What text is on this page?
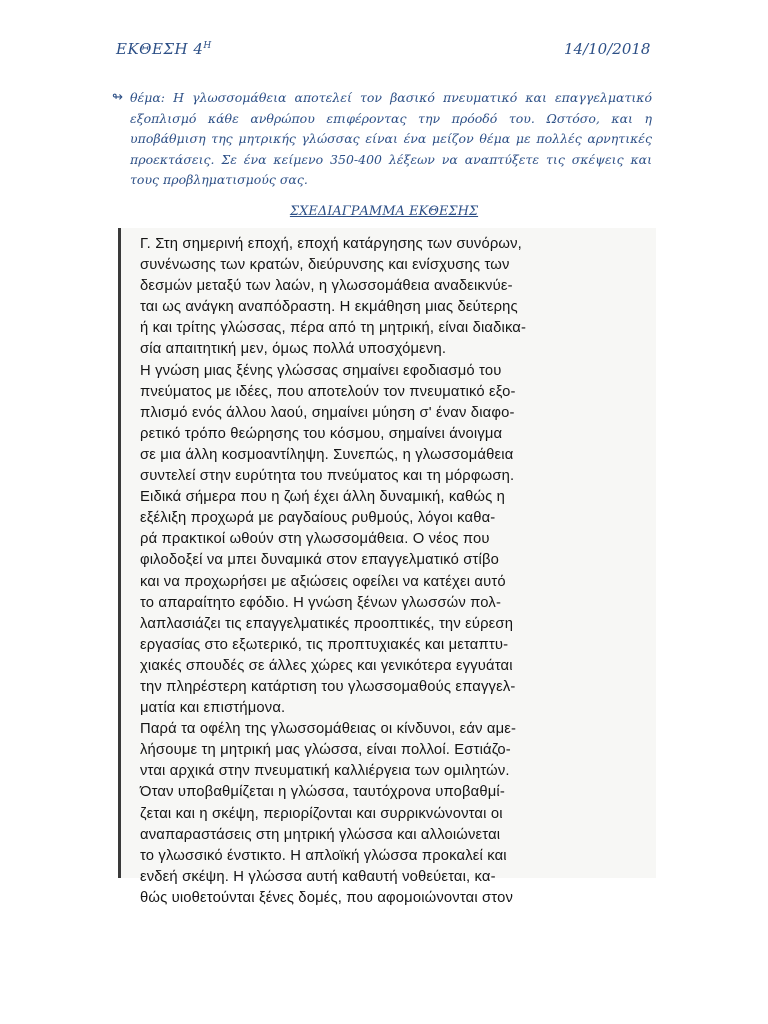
ΕΚΘΕΣΗ $4^H$	14/10/2018
↬ θέμα: Η γλωσσομάθεια αποτελεί τον βασικό πνευματικό και επαγγελματικό εξοπλισμό κάθε ανθρώπου επιφέροντας την πρόοδό του. Ωστόσο, και η υποβάθμιση της μητρικής γλώσσας είναι ένα μείζον θέμα με πολλές αρνητικές προεκτάσεις. Σε ένα κείμενο 350-400 λέξεων να αναπτύξετε τις σκέψεις και τους προβληματισμούς σας.
ΣΧΕΔΙΑΓΡΑΜΜΑ ΕΚΘΕΣΗΣ
Γ. Στη σημερινή εποχή, εποχή κατάργησης των συνόρων,
συνένωσης των κρατών, διεύρυνσης και ενίσχυσης των
δεσμών μεταξύ των λαών, η γλωσσομάθεια αναδεικνύε-
ται ως ανάγκη αναπόδραστη. Η εκμάθηση μιας δεύτερης
ή και τρίτης γλώσσας, πέρα από τη μητρική, είναι διαδικα-
σία απαιτητική μεν, όμως πολλά υποσχόμενη.
Η γνώση μιας ξένης γλώσσας σημαίνει εφοδιασμό του
πνεύματος με ιδέες, που αποτελούν τον πνευματικό εξο-
πλισμό ενός άλλου λαού, σημαίνει μύηση σ' έναν διαφο-
ρετικό τρόπο θεώρησης του κόσμου, σημαίνει άνοιγμα
σε μια άλλη κοσμοαντίληψη. Συνεπώς, η γλωσσομάθεια
συντελεί στην ευρύτητα του πνεύματος και τη μόρφωση.
Ειδικά σήμερα που η ζωή έχει άλλη δυναμική, καθώς η
εξέλιξη προχωρά με ραγδαίους ρυθμούς, λόγοι καθα-
ρά πρακτικοί ωθούν στη γλωσσομάθεια. Ο νέος που
φιλοδοξεί να μπει δυναμικά στον επαγγελματικό στίβο
και να προχωρήσει με αξιώσεις οφείλει να κατέχει αυτό
το απαραίτητο εφόδιο. Η γνώση ξένων γλωσσών πολ-
λαπλασιάζει τις επαγγελματικές προοπτικές, την εύρεση
εργασίας στο εξωτερικό, τις προπτυχιακές και μεταπτυ-
χιακές σπουδές σε άλλες χώρες και γενικότερα εγγυάται
την πληρέστερη κατάρτιση του γλωσσομαθούς επαγγελ-
ματία και επιστήμονα.
Παρά τα οφέλη της γλωσσομάθειας οι κίνδυνοι, εάν αμε-
λήσουμε τη μητρική μας γλώσσα, είναι πολλοί. Εστιάζο-
νται αρχικά στην πνευματική καλλιέργεια των ομιλητών.
Όταν υποβαθμίζεται η γλώσσα, ταυτόχρονα υποβαθμί-
ζεται και η σκέψη, περιορίζονται και συρρικνώνονται οι
αναπαραστάσεις στη μητρική γλώσσα και αλλοιώνεται
το γλωσσικό ένστικτο. Η απλοϊκή γλώσσα προκαλεί και
ενδεή σκέψη. Η γλώσσα αυτή καθαυτή νοθεύεται, κα-
θώς υιοθετούνται ξένες δομές, που αφομοιώνονται στον
